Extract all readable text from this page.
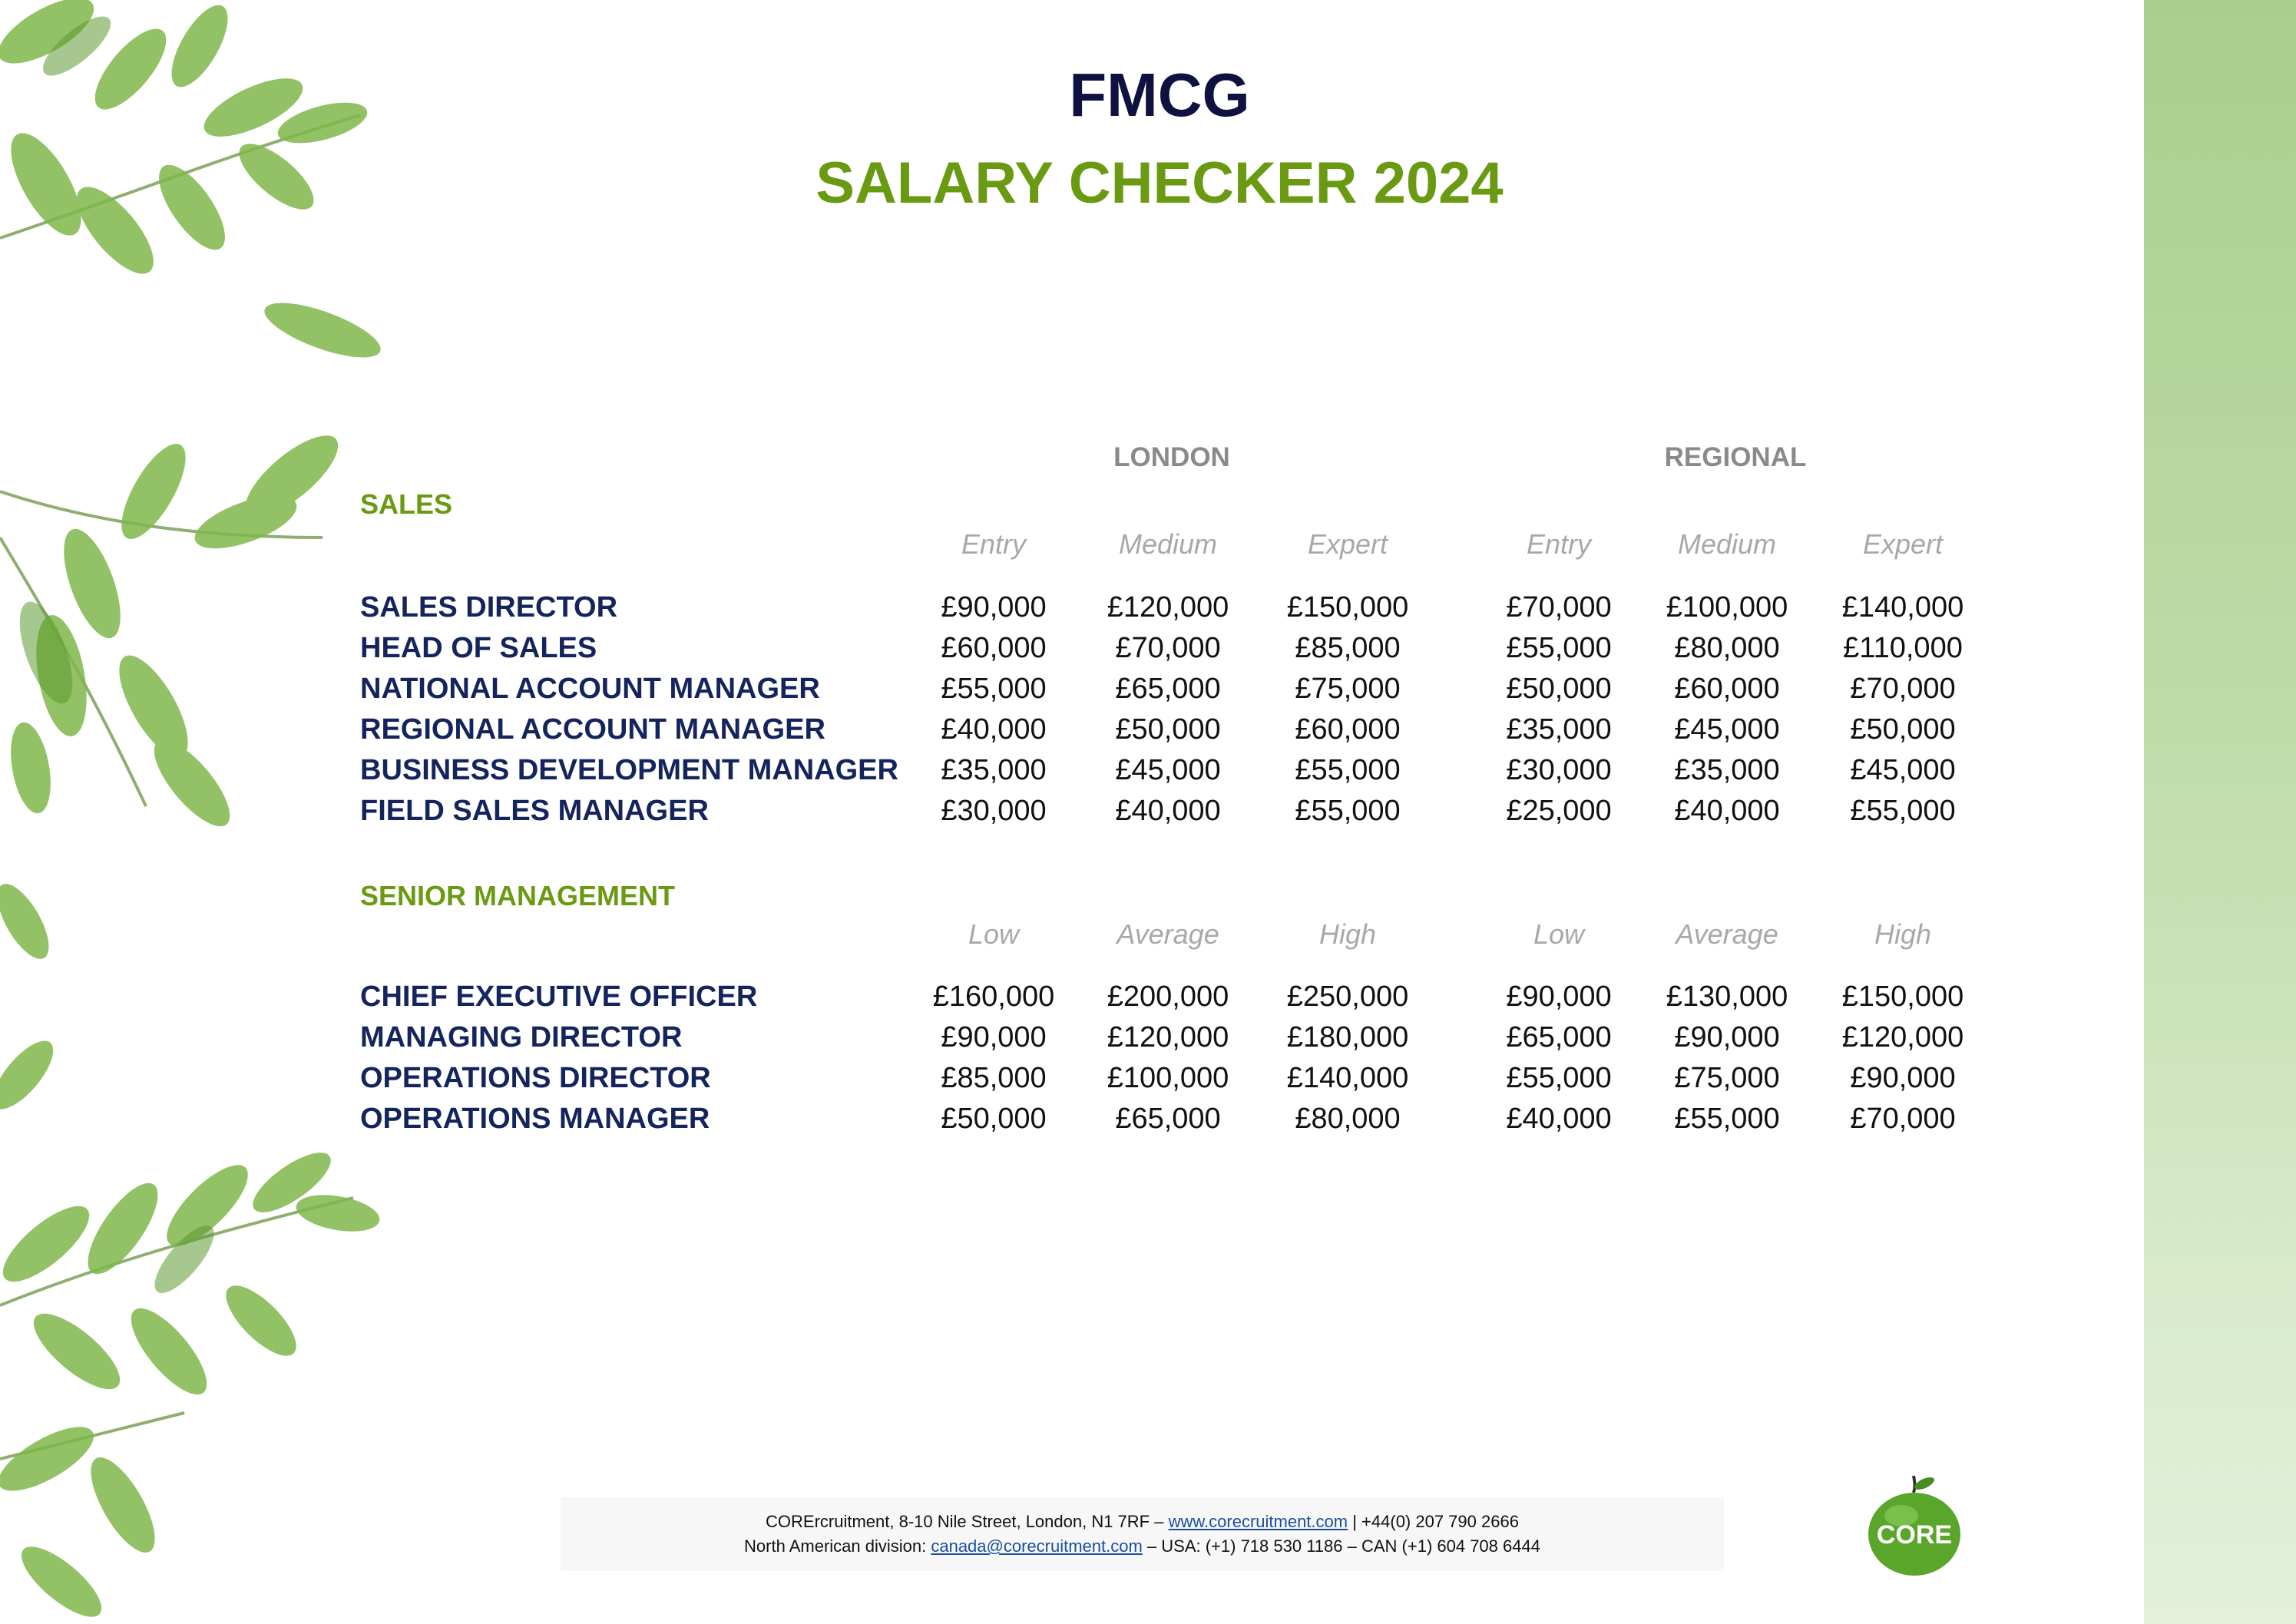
FMCG
SALARY CHECKER 2024
LONDON	REGIONAL
SALES
Entry	Medium	Expert	Entry	Medium	Expert
SALES DIRECTOR	£90,000	£120,000	£150,000	£70,000	£100,000	£140,000
HEAD OF SALES	£60,000	£70,000	£85,000	£55,000	£80,000	£110,000
NATIONAL ACCOUNT MANAGER	£55,000	£65,000	£75,000	£50,000	£60,000	£70,000
REGIONAL ACCOUNT MANAGER	£40,000	£50,000	£60,000	£35,000	£45,000	£50,000
BUSINESS DEVELOPMENT MANAGER	£35,000	£45,000	£55,000	£30,000	£35,000	£45,000
FIELD SALES MANAGER	£30,000	£40,000	£55,000	£25,000	£40,000	£55,000
SENIOR MANAGEMENT
Low	Average	High	Low	Average	High
CHIEF EXECUTIVE OFFICER	£160,000	£200,000	£250,000	£90,000	£130,000	£150,000
MANAGING DIRECTOR	£90,000	£120,000	£180,000	£65,000	£90,000	£120,000
OPERATIONS DIRECTOR	£85,000	£100,000	£140,000	£55,000	£75,000	£90,000
OPERATIONS MANAGER	£50,000	£65,000	£80,000	£40,000	£55,000	£70,000
CORErcruitment, 8-10 Nile Street, London, N1 7RF – www.corecruitment.com | +44(0) 207 790 2666
North American division: canada@corecruitment.com – USA: (+1) 718 530 1186 – CAN (+1) 604 708 6444	CORE
